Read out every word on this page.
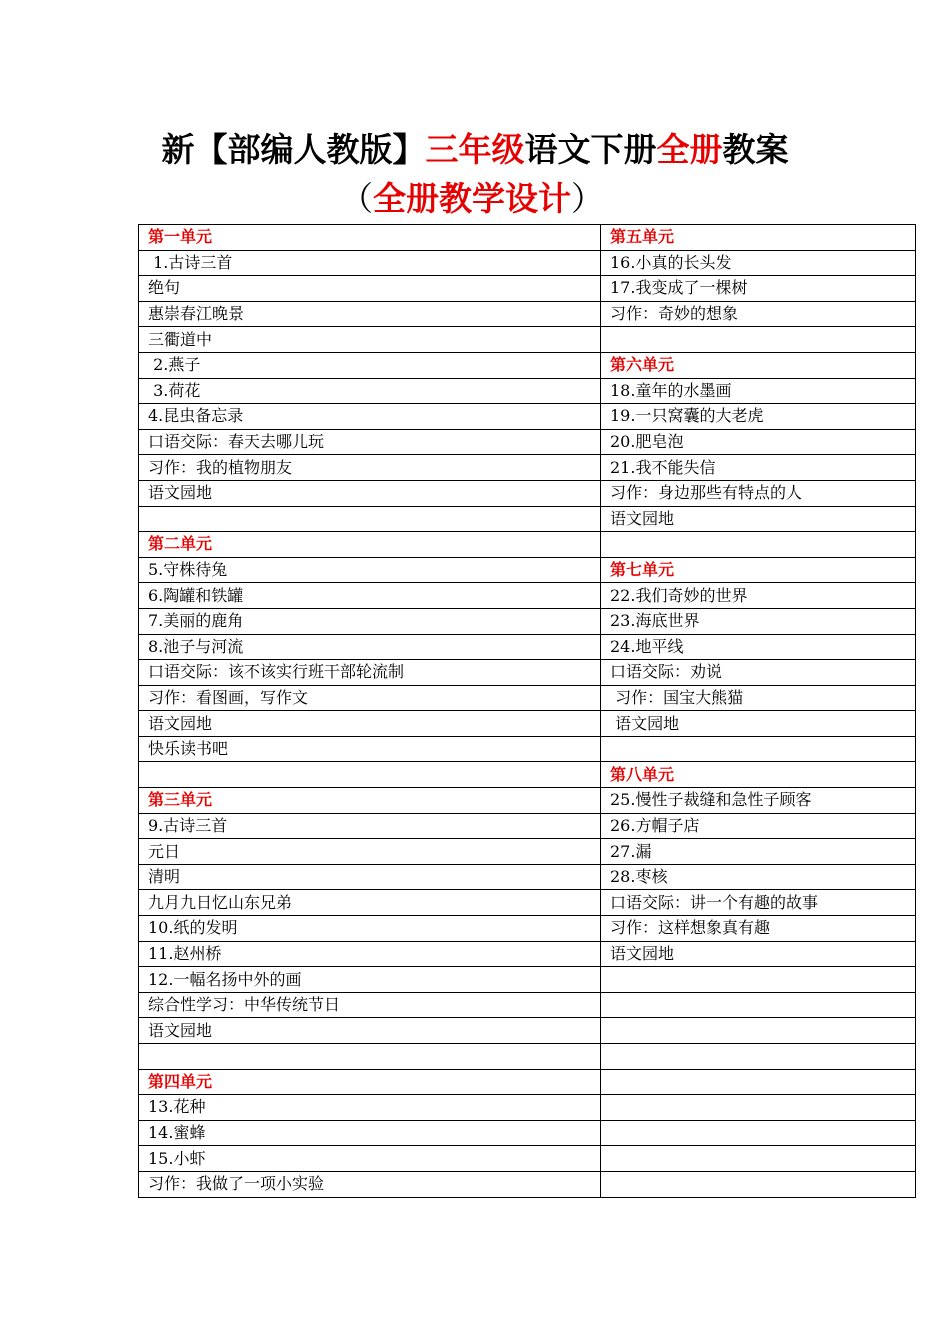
新【部编人教版】三年级语文下册全册教案
（全册教学设计）
第一单元	第五单元
1.古诗三首	16.小真的长头发
绝句	17.我变成了一棵树
惠崇春江晚景	习作：奇妙的想象
三衢道中	
2.燕子	第六单元
3.荷花	18.童年的水墨画
4.昆虫备忘录	19.一只窝囊的大老虎
口语交际：春天去哪儿玩	20.肥皂泡
习作：我的植物朋友	21.我不能失信
语文园地	习作：身边那些有特点的人
	语文园地
第二单元	
5.守株待兔	第七单元
6.陶罐和铁罐	22.我们奇妙的世界
7.美丽的鹿角	23.海底世界
8.池子与河流	24.地平线
口语交际：该不该实行班干部轮流制	口语交际：劝说
习作：看图画，写作文	习作：国宝大熊猫
语文园地	语文园地
快乐读书吧	
	第八单元
第三单元	25.慢性子裁缝和急性子顾客
9.古诗三首	26.方帽子店
元日	27.漏
清明	28.枣核
九月九日忆山东兄弟	口语交际：讲一个有趣的故事
10.纸的发明	习作：这样想象真有趣
11.赵州桥	语文园地
12.一幅名扬中外的画	
综合性学习：中华传统节日	
语文园地	

第四单元	
13.花种	
14.蜜蜂	
15.小虾	
习作：我做了一项小实验	
